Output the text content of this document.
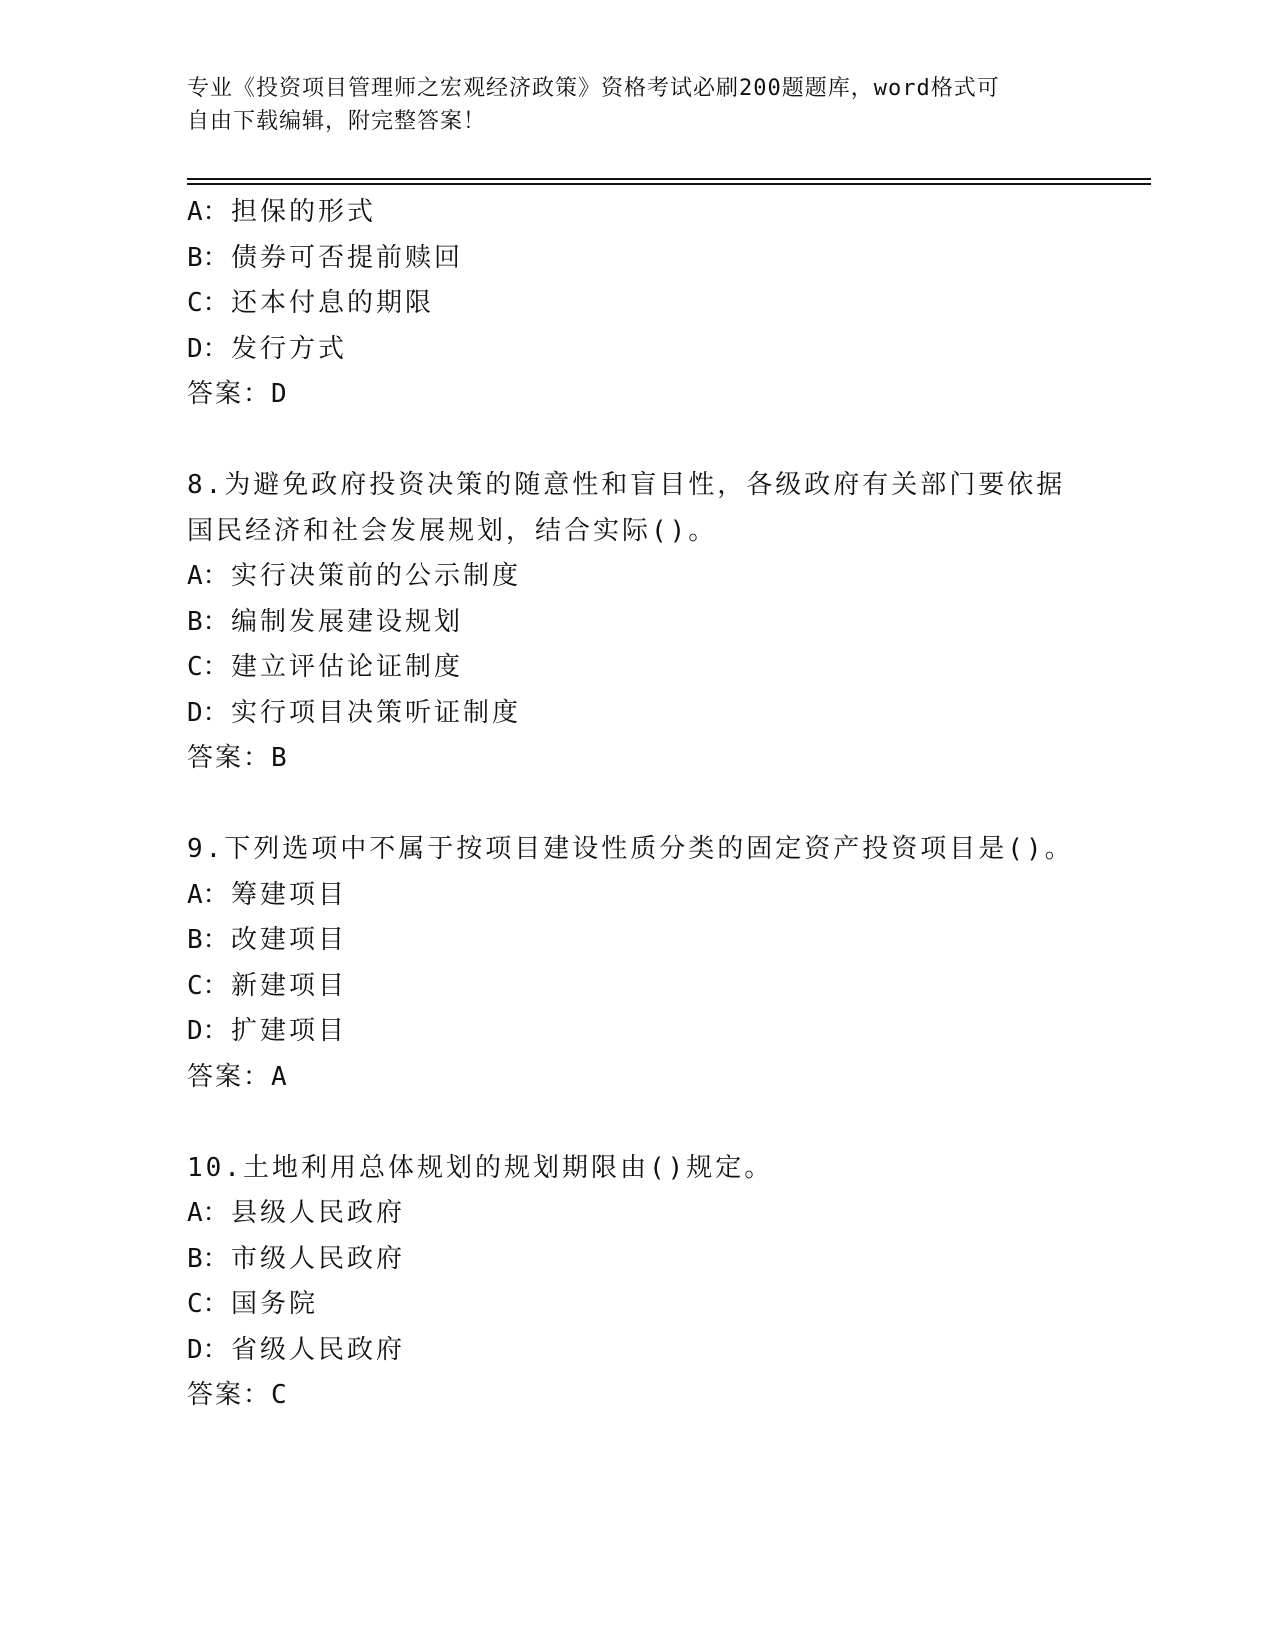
专业《投资项目管理师之宏观经济政策》资格考试必刷200题题库，word格式可
自由下载编辑，附完整答案！
A：担保的形式
B：债券可否提前赎回
C：还本付息的期限
D：发行方式
答案：D
8.为避免政府投资决策的随意性和盲目性，各级政府有关部门要依据
国民经济和社会发展规划，结合实际()。
A：实行决策前的公示制度
B：编制发展建设规划
C：建立评估论证制度
D：实行项目决策听证制度
答案：B
9.下列选项中不属于按项目建设性质分类的固定资产投资项目是()。
A：筹建项目
B：改建项目
C：新建项目
D：扩建项目
答案：A
10.土地利用总体规划的规划期限由()规定。
A：县级人民政府
B：市级人民政府
C：国务院
D：省级人民政府
答案：C
